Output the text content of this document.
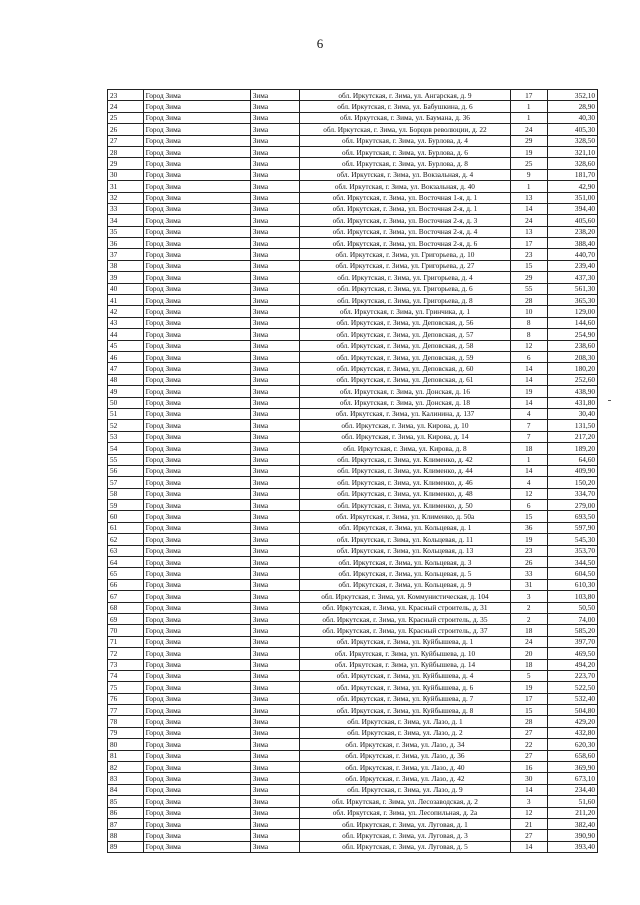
6
23	Город Зима	Зима	обл. Иркутская, г. Зима, ул. Ангарская, д. 9	17	352,10
24	Город Зима	Зима	обл. Иркутская, г. Зима, ул. Бабушкина, д. 6	1	28,90
25	Город Зима	Зима	обл. Иркутская, г. Зима, ул. Баумана, д. 36	1	40,30
26	Город Зима	Зима	обл. Иркутская, г. Зима, ул. Борцов революции, д. 22	24	405,30
27	Город Зима	Зима	обл. Иркутская, г. Зима, ул. Бурлова, д. 4	29	328,50
28	Город Зима	Зима	обл. Иркутская, г. Зима, ул. Бурлова, д. 6	19	321,10
29	Город Зима	Зима	обл. Иркутская, г. Зима, ул. Бурлова, д. 8	25	328,60
30	Город Зима	Зима	обл. Иркутская, г. Зима, ул. Вокзальная, д. 4	9	181,70
31	Город Зима	Зима	обл. Иркутская, г. Зима, ул. Вокзальная, д. 40	1	42,90
32	Город Зима	Зима	обл. Иркутская, г. Зима, ул. Восточная 1-я, д. 1	13	351,00
33	Город Зима	Зима	обл. Иркутская, г. Зима, ул. Восточная 2-я, д. 1	14	394,40
34	Город Зима	Зима	обл. Иркутская, г. Зима, ул. Восточная 2-я, д. 3	24	405,60
35	Город Зима	Зима	обл. Иркутская, г. Зима, ул. Восточная 2-я, д. 4	13	238,20
36	Город Зима	Зима	обл. Иркутская, г. Зима, ул. Восточная 2-я, д. 6	17	388,40
37	Город Зима	Зима	обл. Иркутская, г. Зима, ул. Григорьева, д. 10	23	440,70
38	Город Зима	Зима	обл. Иркутская, г. Зима, ул. Григорьева, д. 27	15	239,40
39	Город Зима	Зима	обл. Иркутская, г. Зима, ул. Григорьева, д. 4	29	437,30
40	Город Зима	Зима	обл. Иркутская, г. Зима, ул. Григорьева, д. 6	55	561,30
41	Город Зима	Зима	обл. Иркутская, г. Зима, ул. Григорьева, д. 8	28	365,30
42	Город Зима	Зима	обл. Иркутская, г. Зима, ул. Гринчика, д. 1	10	129,00
43	Город Зима	Зима	обл. Иркутская, г. Зима, ул. Деповская, д. 56	8	144,60
44	Город Зима	Зима	обл. Иркутская, г. Зима, ул. Деповская, д. 57	8	254,90
45	Город Зима	Зима	обл. Иркутская, г. Зима, ул. Деповская, д. 58	12	238,60
46	Город Зима	Зима	обл. Иркутская, г. Зима, ул. Деповская, д. 59	6	208,30
47	Город Зима	Зима	обл. Иркутская, г. Зима, ул. Деповская, д. 60	14	180,20
48	Город Зима	Зима	обл. Иркутская, г. Зима, ул. Деповская, д. 61	14	252,60
49	Город Зима	Зима	обл. Иркутская, г. Зима, ул. Донская, д. 16	19	438,90
50	Город Зима	Зима	обл. Иркутская, г. Зима, ул. Донская, д. 18	14	431,80
51	Город Зима	Зима	обл. Иркутская, г. Зима, ул. Калинина, д. 137	4	30,40
52	Город Зима	Зима	обл. Иркутская, г. Зима, ул. Кирова, д. 10	7	131,50
53	Город Зима	Зима	обл. Иркутская, г. Зима, ул. Кирова, д. 14	7	217,20
54	Город Зима	Зима	обл. Иркутская, г. Зима, ул. Кирова, д. 8	18	189,20
55	Город Зима	Зима	обл. Иркутская, г. Зима, ул. Клименко, д. 42	1	64,60
56	Город Зима	Зима	обл. Иркутская, г. Зима, ул. Клименко, д. 44	14	409,90
57	Город Зима	Зима	обл. Иркутская, г. Зима, ул. Клименко, д. 46	4	150,20
58	Город Зима	Зима	обл. Иркутская, г. Зима, ул. Клименко, д. 48	12	334,70
59	Город Зима	Зима	обл. Иркутская, г. Зима, ул. Клименко, д. 50	6	279,00
60	Город Зима	Зима	обл. Иркутская, г. Зима, ул. Клименко, д. 50а	15	693,50
61	Город Зима	Зима	обл. Иркутская, г. Зима, ул. Кольцевая, д. 1	36	597,90
62	Город Зима	Зима	обл. Иркутская, г. Зима, ул. Кольцевая, д. 11	19	545,30
63	Город Зима	Зима	обл. Иркутская, г. Зима, ул. Кольцевая, д. 13	23	353,70
64	Город Зима	Зима	обл. Иркутская, г. Зима, ул. Кольцевая, д. 3	26	344,50
65	Город Зима	Зима	обл. Иркутская, г. Зима, ул. Кольцевая, д. 5	33	604,50
66	Город Зима	Зима	обл. Иркутская, г. Зима, ул. Кольцевая, д. 9	31	610,30
67	Город Зима	Зима	обл. Иркутская, г. Зима, ул. Коммунистическая, д. 104	3	103,80
68	Город Зима	Зима	обл. Иркутская, г. Зима, ул. Красный строитель, д. 31	2	50,50
69	Город Зима	Зима	обл. Иркутская, г. Зима, ул. Красный строитель, д. 35	2	74,00
70	Город Зима	Зима	обл. Иркутская, г. Зима, ул. Красный строитель, д. 37	18	585,20
71	Город Зима	Зима	обл. Иркутская, г. Зима, ул. Куйбышева, д. 1	24	397,70
72	Город Зима	Зима	обл. Иркутская, г. Зима, ул. Куйбышева, д. 10	20	469,50
73	Город Зима	Зима	обл. Иркутская, г. Зима, ул. Куйбышева, д. 14	18	494,20
74	Город Зима	Зима	обл. Иркутская, г. Зима, ул. Куйбышева, д. 4	5	223,70
75	Город Зима	Зима	обл. Иркутская, г. Зима, ул. Куйбышева, д. 6	19	522,50
76	Город Зима	Зима	обл. Иркутская, г. Зима, ул. Куйбышева, д. 7	17	532,40
77	Город Зима	Зима	обл. Иркутская, г. Зима, ул. Куйбышева, д. 8	15	504,80
78	Город Зима	Зима	обл. Иркутская, г. Зима, ул. Лазо, д. 1	28	429,20
79	Город Зима	Зима	обл. Иркутская, г. Зима, ул. Лазо, д. 2	27	432,80
80	Город Зима	Зима	обл. Иркутская, г. Зима, ул. Лазо, д. 34	22	620,30
81	Город Зима	Зима	обл. Иркутская, г. Зима, ул. Лазо, д. 36	27	658,60
82	Город Зима	Зима	обл. Иркутская, г. Зима, ул. Лазо, д. 40	16	369,90
83	Город Зима	Зима	обл. Иркутская, г. Зима, ул. Лазо, д. 42	30	673,10
84	Город Зима	Зима	обл. Иркутская, г. Зима, ул. Лазо, д. 9	14	234,40
85	Город Зима	Зима	обл. Иркутская, г. Зима, ул. Лесозаводская, д. 2	3	51,60
86	Город Зима	Зима	обл. Иркутская, г. Зима, ул. Лесопильная, д. 2а	12	211,20
87	Город Зима	Зима	обл. Иркутская, г. Зима, ул. Луговая, д. 1	21	382,40
88	Город Зима	Зима	обл. Иркутская, г. Зима, ул. Луговая, д. 3	27	390,90
89	Город Зима	Зима	обл. Иркутская, г. Зима, ул. Луговая, д. 5	14	393,40
